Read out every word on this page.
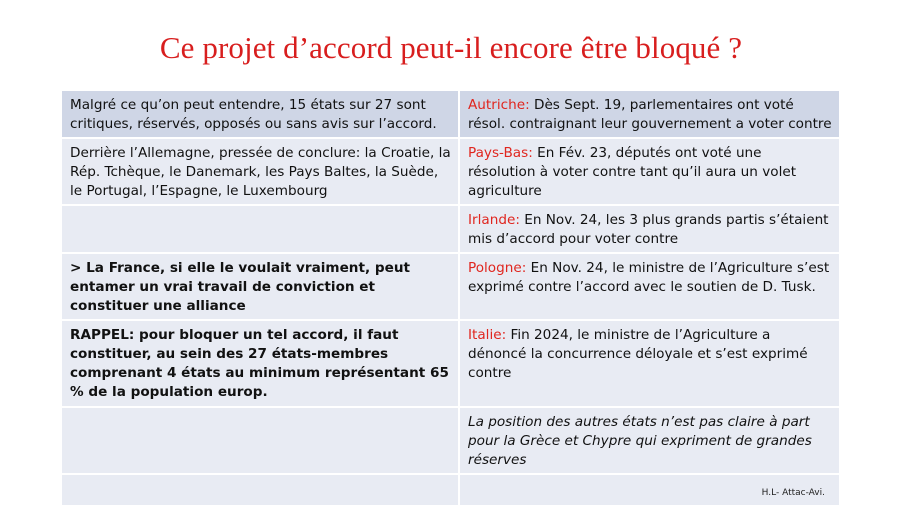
Ce projet d’accord peut-il encore être bloqué ?
Malgré ce qu’on peut entendre, 15 états sur 27 sont critiques, réservés, opposés ou sans avis sur l’accord.	Autriche: Dès Sept. 19, parlementaires ont voté résol. contraignant leur gouvernement a voter contre
Derrière l’Allemagne, pressée de conclure: la Croatie, la Rép. Tchèque, le Danemark, les Pays Baltes, la Suède, le Portugal, l’Espagne, le Luxembourg	Pays-Bas: En Fév. 23, députés ont voté une résolution à voter contre tant qu’il aura un volet agriculture
	Irlande: En Nov. 24, les 3 plus grands partis s’étaient mis d’accord pour voter contre
> La France, si elle le voulait vraiment, peut entamer un vrai travail de conviction et constituer une alliance	Pologne: En Nov. 24, le ministre de l’Agriculture s’est exprimé contre l’accord avec le soutien de D. Tusk.
RAPPEL: pour bloquer un tel accord, il faut constituer, au sein des 27 états-membres comprenant 4 états au minimum représentant 65 % de la population europ.	Italie: Fin 2024, le ministre de l’Agriculture a dénoncé la concurrence déloyale et s’est exprimé contre
	La position des autres états n’est pas claire à part pour la Grèce et Chypre qui expriment de grandes réserves

	H.L- Attac-Avi.
